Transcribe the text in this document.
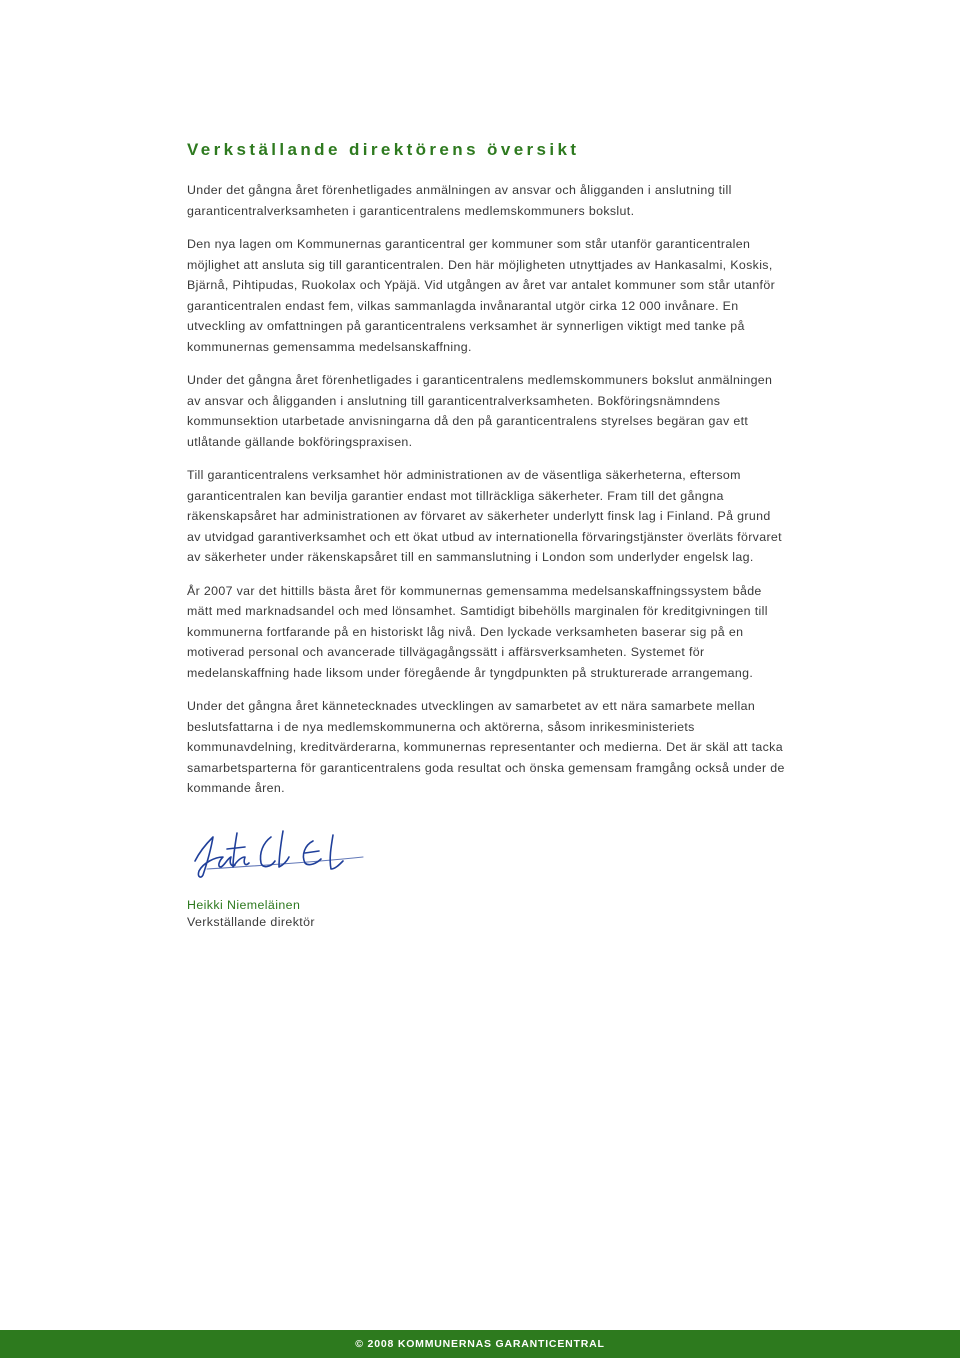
Verkställande direktörens översikt

Under det gångna året förenhetligades anmälningen av ansvar och åligganden i anslutning till garanticentralverksamheten i garanticentralens medlemskommuners bokslut.

Den nya lagen om Kommunernas garanticentral ger kommuner som står utanför garanticentralen möjlighet att ansluta sig till garanticentralen. Den här möjligheten utnyttjades av Hankasalmi, Koskis, Bjärnå, Pihtipudas, Ruokolax och Ypäjä. Vid utgången av året var antalet kommuner som står utanför garanticentralen endast fem, vilkas sammanlagda invånarantal utgör cirka 12 000 invånare. En utveckling av omfattningen på garanticentralens verksamhet är synnerligen viktigt med tanke på kommunernas gemensamma medelsanskaffning.

Under det gångna året förenhetligades i garanticentralens medlemskommuners bokslut anmälningen av ansvar och åligganden i anslutning till garanticentralverksamheten. Bokföringsnämndens kommunsektion utarbetade anvisningarna då den på garanticentralens styrelses begäran gav ett utlåtande gällande bokföringspraxisen.

Till garanticentralens verksamhet hör administrationen av de väsentliga säkerheterna, eftersom garanticentralen kan bevilja garantier endast mot tillräckliga säkerheter. Fram till det gångna räkenskapsåret har administrationen av förvaret av säkerheter underlytt finsk lag i Finland. På grund av utvidgad garantiverksamhet och ett ökat utbud av internationella förvaringstjänster överläts förvaret av säkerheter under räkenskapsåret till en sammanslutning i London som underlyder engelsk lag.

År 2007 var det hittills bästa året för kommunernas gemensamma medelsanskaffningssystem både mätt med marknadsandel och med lönsamhet. Samtidigt bibehölls marginalen för kreditgivningen till kommunerna fortfarande på en historiskt låg nivå. Den lyckade verksamheten baserar sig på en motiverad personal och avancerade tillvägagångssätt i affärsverksamheten. Systemet för medelanskaffning hade liksom under föregående år tyngdpunkten på strukturerade arrangemang.

Under det gångna året kännetecknades utvecklingen av samarbetet av ett nära samarbete mellan beslutsfattarna i de nya medlemskommunerna och aktörerna, såsom inrikesministeriets kommunavdelning, kreditvärderarna, kommunernas representanter och medierna. Det är skäl att tacka samarbetsparterna för garanticentralens goda resultat och önska gemensam framgång också under de kommande åren.

Heikki Niemeläinen
Verkställande direktör
© 2008 KOMMUNERNAS GARANTICENTRAL
